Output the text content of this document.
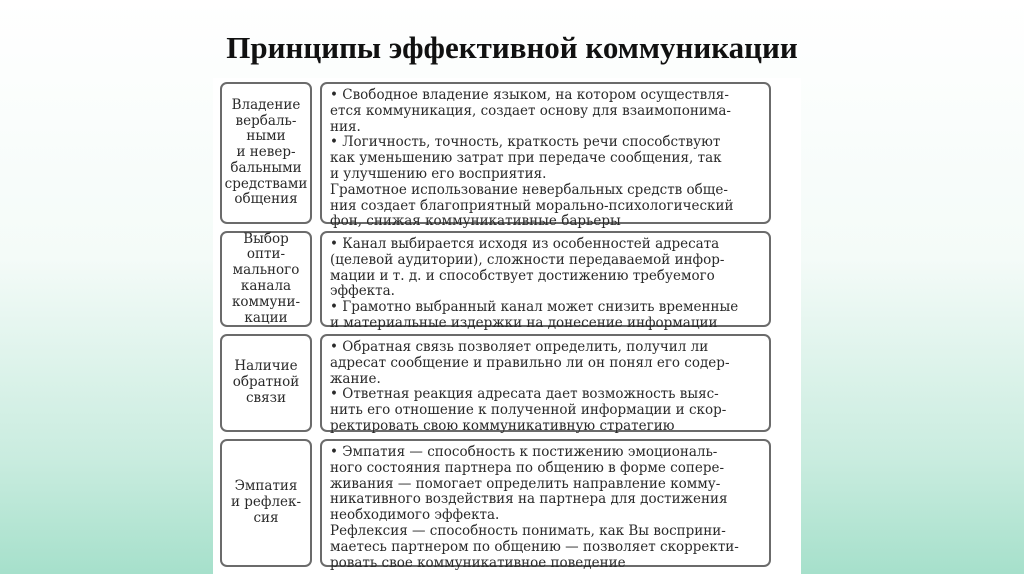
Принципы эффективной коммуникации
Владение
вербаль-
ными
и невер-
бальными
средствами
общения

• Свободное владение языком, на котором осуществля-

ется коммуникация, создает основу для взаимопонима-

ния.

• Логичность, точность, краткость речи способствуют

как уменьшению затрат при передаче сообщения, так

и улучшению его восприятия.

Грамотное использование невербальных средств обще-

ния создает благоприятный морально-психологический

фон, снижая коммуникативные барьеры

Выбор
опти-
мального
канала
коммуни-
кации

• Канал выбирается исходя из особенностей адресата

(целевой аудитории), сложности передаваемой инфор-

мации и т. д. и способствует достижению требуемого

эффекта.

• Грамотно выбранный канал может снизить временные

и материальные издержки на донесение информации

Наличие
обратной
связи

• Обратная связь позволяет определить, получил ли

адресат сообщение и правильно ли он понял его содер-

жание.

• Ответная реакция адресата дает возможность выяс-

нить его отношение к полученной информации и скор-

ректировать свою коммуникативную стратегию

Эмпатия
и рефлек-
сия

• Эмпатия — способность к постижению эмоциональ-

ного состояния партнера по общению в форме сопере-

живания — помогает определить направление комму-

никативного воздействия на партнера для достижения

необходимого эффекта.

Рефлексия — способность понимать, как Вы восприни-

маетесь партнером по общению — позволяет скорректи-

ровать свое коммуникативное поведение
